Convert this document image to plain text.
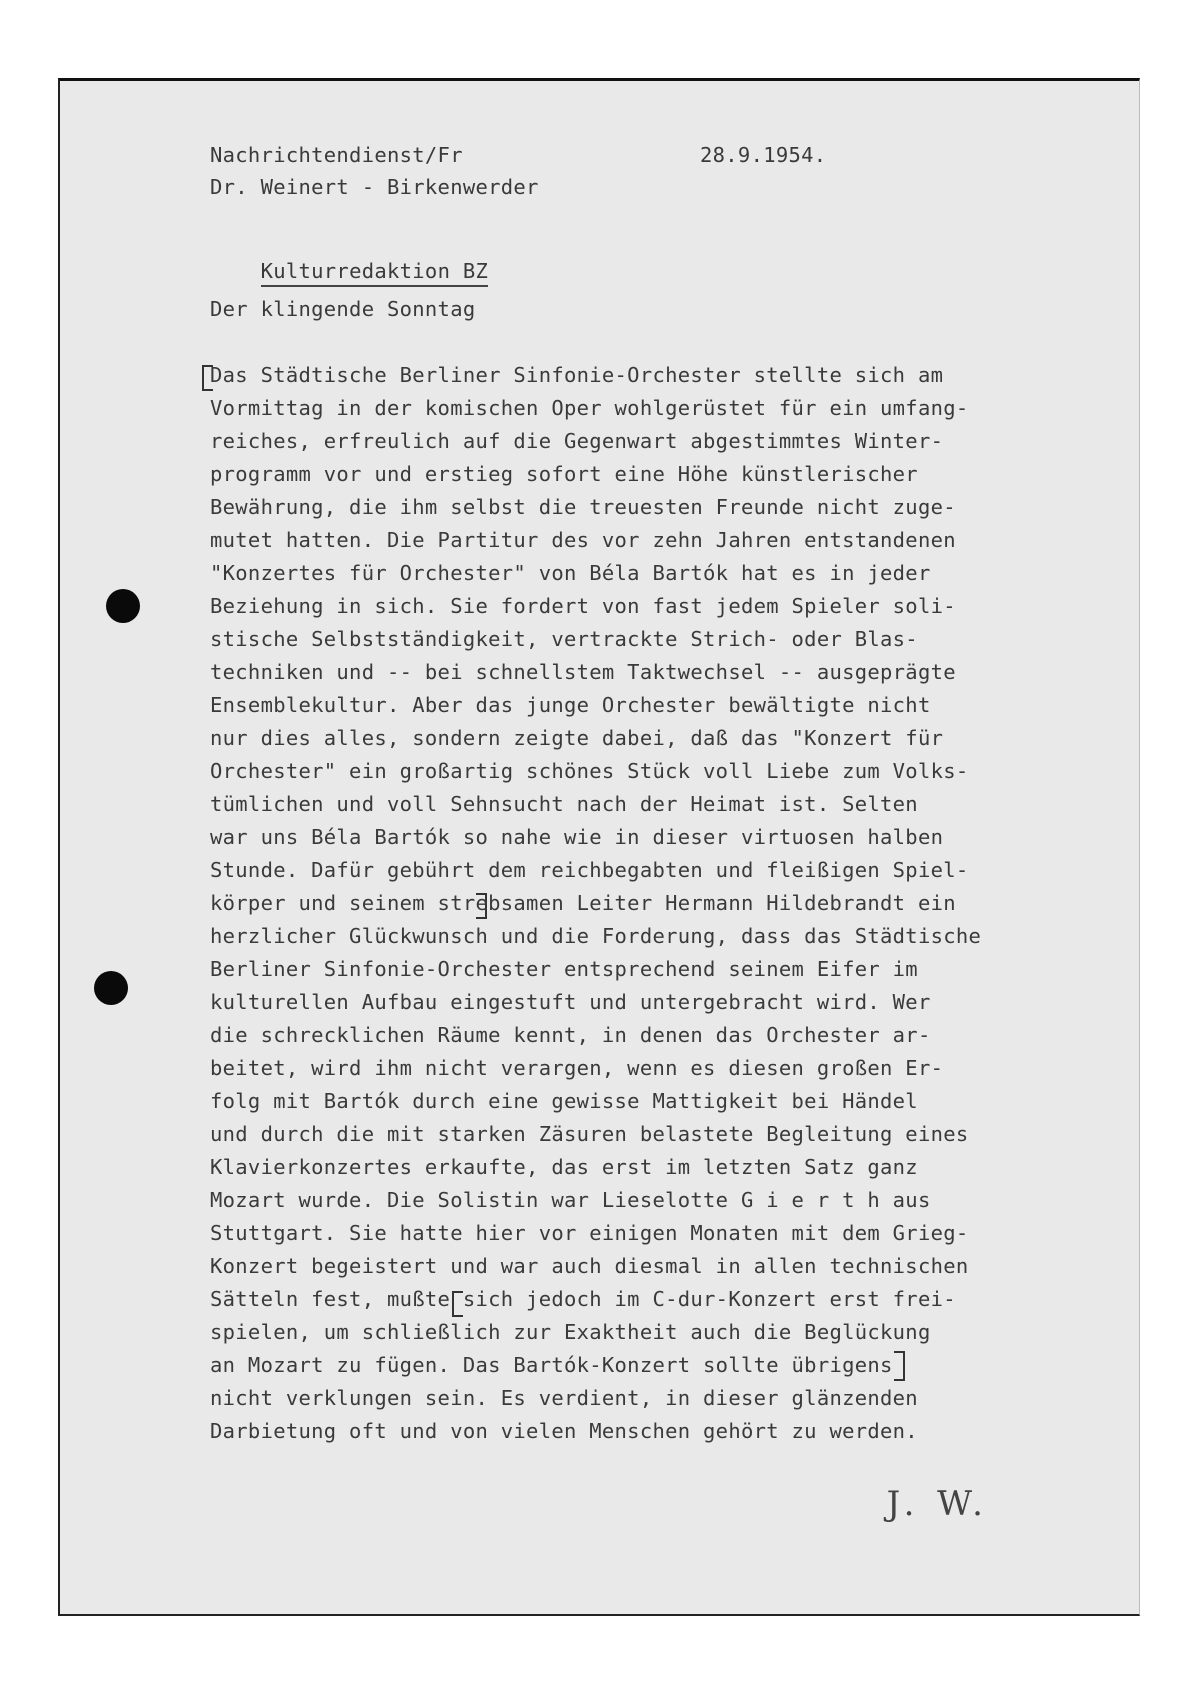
Nachrichtendienst/Fr	28.9.1954.
Dr. Weinert - Birkenwerder

Kulturredaktion BZ

Der klingende Sonntag
Das Städtische Berliner Sinfonie-Orchester stellte sich am
Vormittag in der komischen Oper wohlgerüstet für ein umfang-
reiches, erfreulich auf die Gegenwart abgestimmtes Winter-
programm vor und erstieg sofort eine Höhe künstlerischer
Bewährung, die ihm selbst die treuesten Freunde nicht zuge-
mutet hatten. Die Partitur des vor zehn Jahren entstandenen
"Konzertes für Orchester" von Béla Bartók hat es in jeder
Beziehung in sich. Sie fordert von fast jedem Spieler soli-
stische Selbstständigkeit, vertrackte Strich- oder Blas-
techniken und -- bei schnellstem Taktwechsel -- ausgeprägte
Ensemblekultur. Aber das junge Orchester bewältigte nicht
nur dies alles, sondern zeigte dabei, daß das "Konzert für
Orchester" ein großartig schönes Stück voll Liebe zum Volks-
tümlichen und voll Sehnsucht nach der Heimat ist. Selten
war uns Béla Bartók so nahe wie in dieser virtuosen halben
Stunde. Dafür gebührt dem reichbegabten und fleißigen Spiel-
körper und seinem strebsamen Leiter Hermann Hildebrandt ein
herzlicher Glückwunsch und die Forderung, dass das Städtische
Berliner Sinfonie-Orchester entsprechend seinem Eifer im
kulturellen Aufbau eingestuft und untergebracht wird. Wer
die schrecklichen Räume kennt, in denen das Orchester ar-
beitet, wird ihm nicht verargen, wenn es diesen großen Er-
folg mit Bartók durch eine gewisse Mattigkeit bei Händel
und durch die mit starken Zäsuren belastete Begleitung eines
Klavierkonzertes erkaufte, das erst im letzten Satz ganz
Mozart wurde. Die Solistin war Lieselotte G i e r t h aus
Stuttgart. Sie hatte hier vor einigen Monaten mit dem Grieg-
Konzert begeistert und war auch diesmal in allen technischen
Sätteln fest, mußte sich jedoch im C-dur-Konzert erst frei-
spielen, um schließlich zur Exaktheit auch die Beglückung
an Mozart zu fügen. Das Bartók-Konzert sollte übrigens
nicht verklungen sein. Es verdient, in dieser glänzenden
Darbietung oft und von vielen Menschen gehört zu werden.
J. W.
